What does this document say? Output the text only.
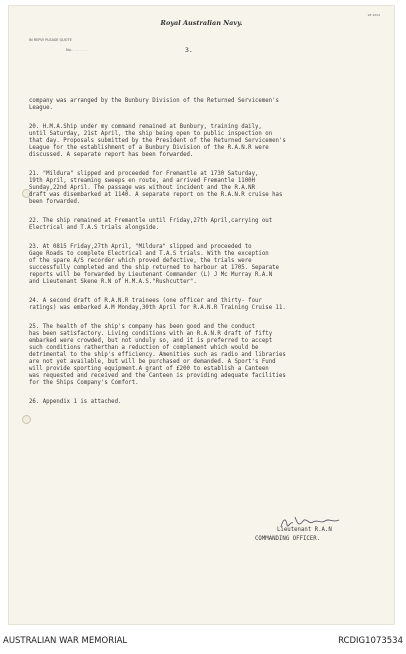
28 1024
Royal Australian Navy.
IN REPLY PLEASE QUOTE
No...........	3.

company was arranged by the Bunbury Division of the Returned Servicemen's
League.

20. H.M.A.Ship under my command remained at Bunbury, training daily,
until Saturday, 21st April, the ship being open to public inspection on
that day. Proposals submitted by the President of the Returned Servicemen's
League for the establishment of a Bunbury Division of the R.A.N.R were
discussed. A separate report has been forwarded.

21. "Mildura" slipped and proceeded for Fremantle at 1730 Saturday,
19th April, streaming sweeps en route, and arrived Fremantle 1100H
Sunday,22nd April. The passage was without incident and the R.A.NR
draft was disembarked at 1140. A separate report on the R.A.N.R cruise has
been forwarded.

22. The ship remained at Fremantle until Friday,27th April,carrying out
Electrical and T.A.S trials alongside.

23. At 0815 Friday,27th April, "Mildura" slipped and proceeded to
Gage Roads to complete Electrical and T.A.S trials. With the exception
of the spare A/S recorder which proved defective, the trials were
successfully completed and the ship returned to harbour at 1705. Separate
reports will be forwarded by Lieutenant Commander (L) J Mc Murray R.A.N
and Lieutenant Skene R.N of H.M.A.S."Rushcutter".

24. A second draft of R.A.N.R trainees (one officer and thirty- four
ratings) was embarked A.M Monday,30th April for R.A.N.R Training Cruise 11.

25. The health of the ship's company has been good and the conduct
has been satisfactory. Living conditions with an R.A.N.R draft of fifty
embarked were crowded, but not unduly so, and it is preferred to accept
such conditions ratherthan a reduction of complement which would be
detrimental to the ship's efficiency. Amenities such as radio and libraries
are not yet available, but will be purchased or demanded. A Sport's Fund
will provide sporting equipment.A grant of £200 to establish a Canteen
was requested and received and the Canteen is providing adequate facilities
for the Ships Company's Comfort.

26. Appendix 1 is attached.

Lieutenant R.A.N
COMMANDING OFFICER.
AUSTRALIAN WAR MEMORIAL	RCDIG1073534
